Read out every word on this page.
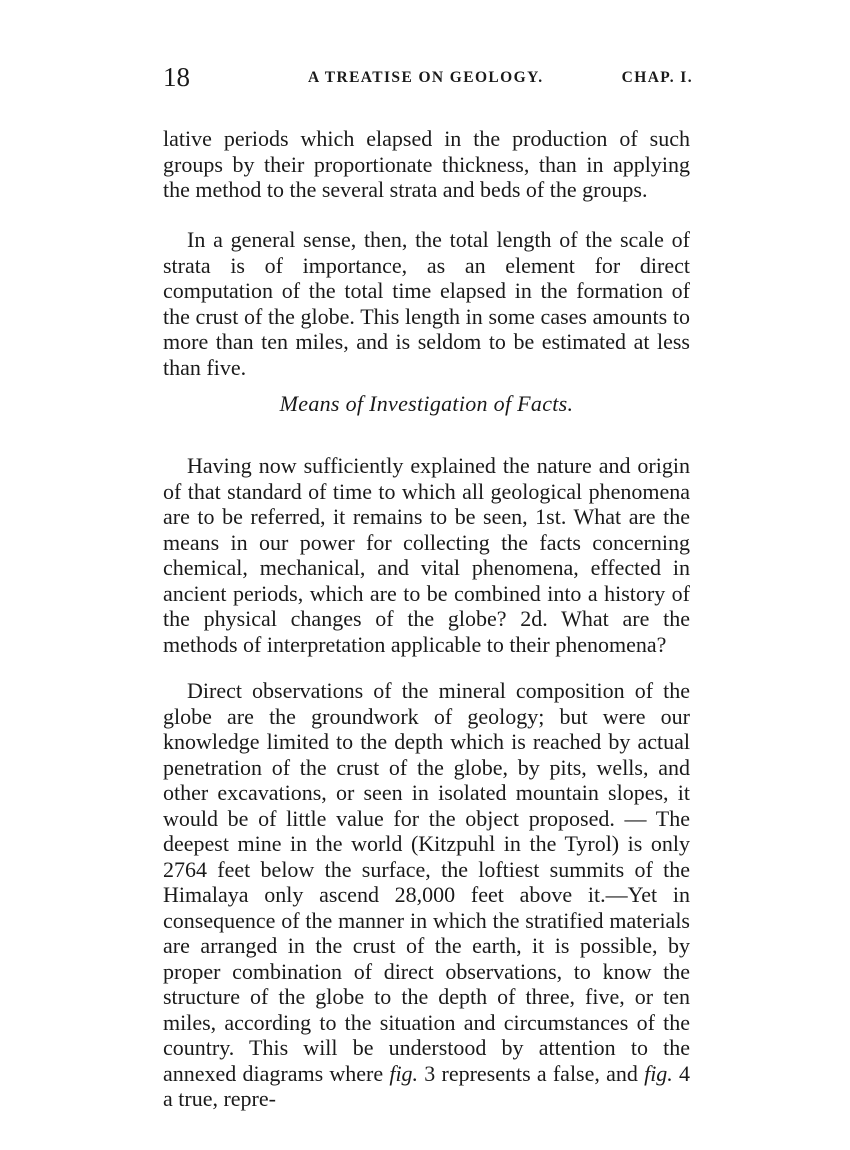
18	A TREATISE ON GEOLOGY.	CHAP. I.

lative periods which elapsed in the production of such groups by their proportionate thickness, than in applying the method to the several strata and beds of the groups.

In a general sense, then, the total length of the scale of strata is of importance, as an element for direct computation of the total time elapsed in the formation of the crust of the globe. This length in some cases amounts to more than ten miles, and is seldom to be estimated at less than five.

Means of Investigation of Facts.

Having now sufficiently explained the nature and origin of that standard of time to which all geological phenomena are to be referred, it remains to be seen, 1st. What are the means in our power for collecting the facts concerning chemical, mechanical, and vital phenomena, effected in ancient periods, which are to be combined into a history of the physical changes of the globe? 2d. What are the methods of interpretation applicable to their phenomena?

Direct observations of the mineral composition of the globe are the groundwork of geology; but were our knowledge limited to the depth which is reached by actual penetration of the crust of the globe, by pits, wells, and other excavations, or seen in isolated mountain slopes, it would be of little value for the object proposed. — The deepest mine in the world (Kitzpuhl in the Tyrol) is only 2764 feet below the surface, the loftiest summits of the Himalaya only ascend 28,000 feet above it.—Yet in consequence of the manner in which the stratified materials are arranged in the crust of the earth, it is possible, by proper combination of direct observations, to know the structure of the globe to the depth of three, five, or ten miles, according to the situation and circumstances of the country. This will be understood by attention to the annexed diagrams where fig. 3 represents a false, and fig. 4 a true, repre-
